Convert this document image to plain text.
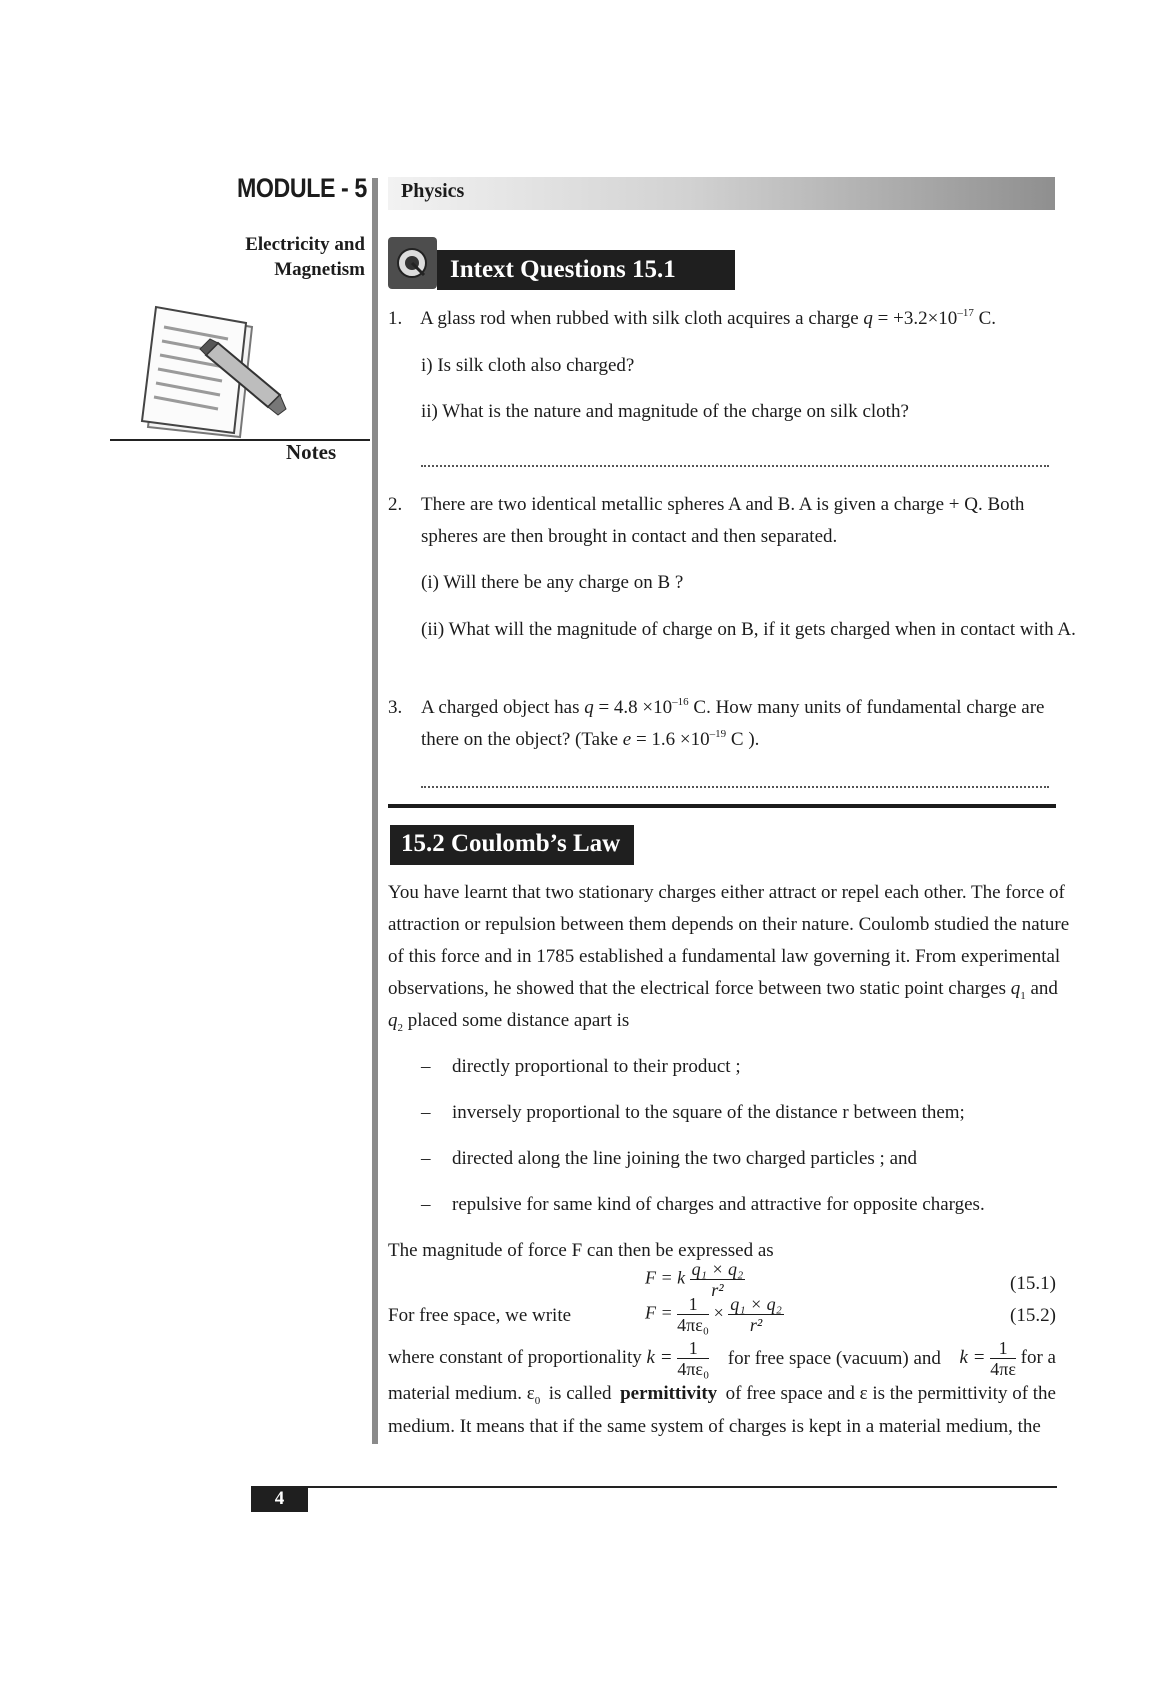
MODULE - 5
Electricity and
Magnetism
Notes
Physics
Intext Questions 15.1
1. A glass rod when rubbed with silk cloth acquires a charge $q = +3.2\times 10^{-17}$ C.
i) Is silk cloth also charged?
ii) What is the nature and magnitude of the charge on silk cloth?
2. There are two identical metallic spheres A and B. A is given a charge + Q. Both
spheres are then brought in contact and then separated.
(i) Will there be any charge on B ?
(ii) What will the magnitude of charge on B, if it gets charged when in contact with A.
3. A charged object has $q = 4.8 \times 10^{-16}$ C. How many units of fundamental charge are
there on the object? (Take $e = 1.6 \times 10^{-19}$ C ).
15.2 Coulomb’s Law
You have learnt that two stationary charges either attract or repel each other. The force of
attraction or repulsion between them depends on their nature. Coulomb studied the nature
of this force and in 1785 established a fundamental law governing it. From experimental
observations, he showed that the electrical force between two static point charges $q_1$ and
$q_2$ placed some distance apart is
– directly proportional to their product ;
– inversely proportional to the square of the distance r between them;
– directed along the line joining the two charged particles ; and
– repulsive for same kind of charges and attractive for opposite charges.
The magnitude of force F can then be expressed as
F = k $\frac{\text{q₁ × q₂}}{\text{r²}}$	(15.1)
For free space, we write	$F = \frac{1}{\text{4πε₀}} \times \frac{\text{q₁ × q₂}}{\text{r²}}$	(15.2)
where constant of proportionality $k = \frac{1}{\text{4πε₀}}$ for free space (vacuum) and $k = \frac{1}{4\pi\varepsilon}$ for a
material medium. $\varepsilon_0$ is called permittivity of free space and ε is the permittivity of the
medium. It means that if the same system of charges is kept in a material medium, the
4
